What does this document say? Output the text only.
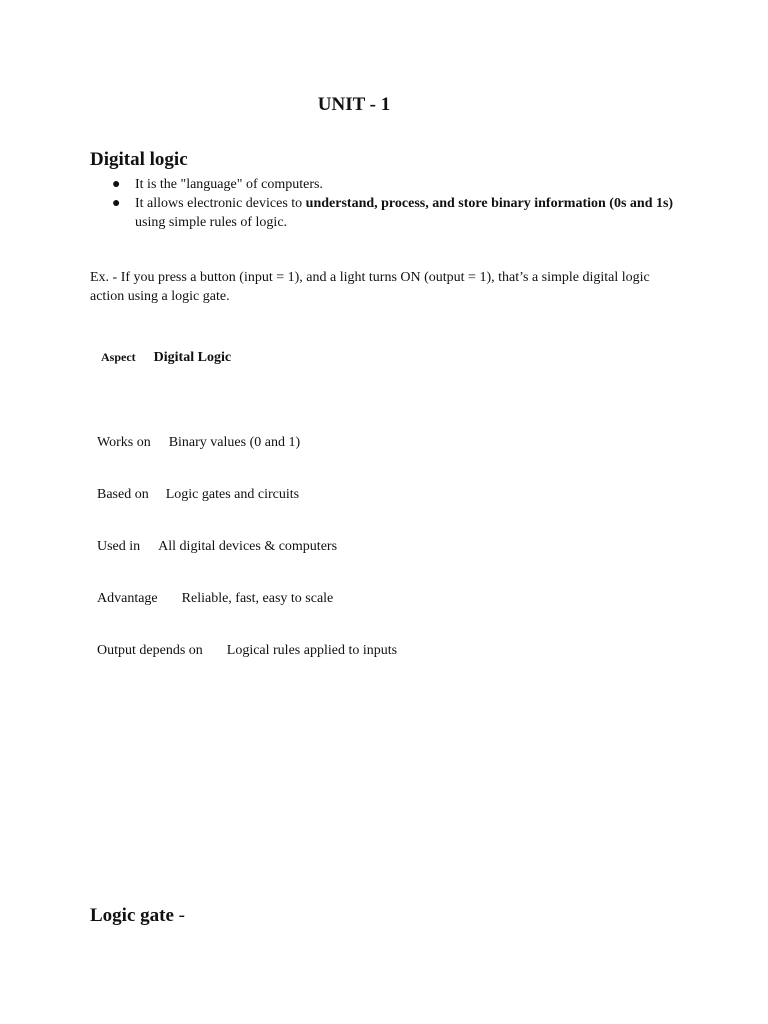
UNIT - 1
Digital logic
● It is the "language" of computers.
● It allows electronic devices to understand, process, and store binary information (0s and 1s) using simple rules of logic.

Ex. - If you press a button (input = 1), and a light turns ON (output = 1), that’s a simple digital logic action using a logic gate.

Aspect Digital Logic
Works on Binary values (0 and 1)
Based on Logic gates and circuits
Used in All digital devices & computers
Advantage Reliable, fast, easy to scale
Output depends on Logical rules applied to inputs
Logic gate -
